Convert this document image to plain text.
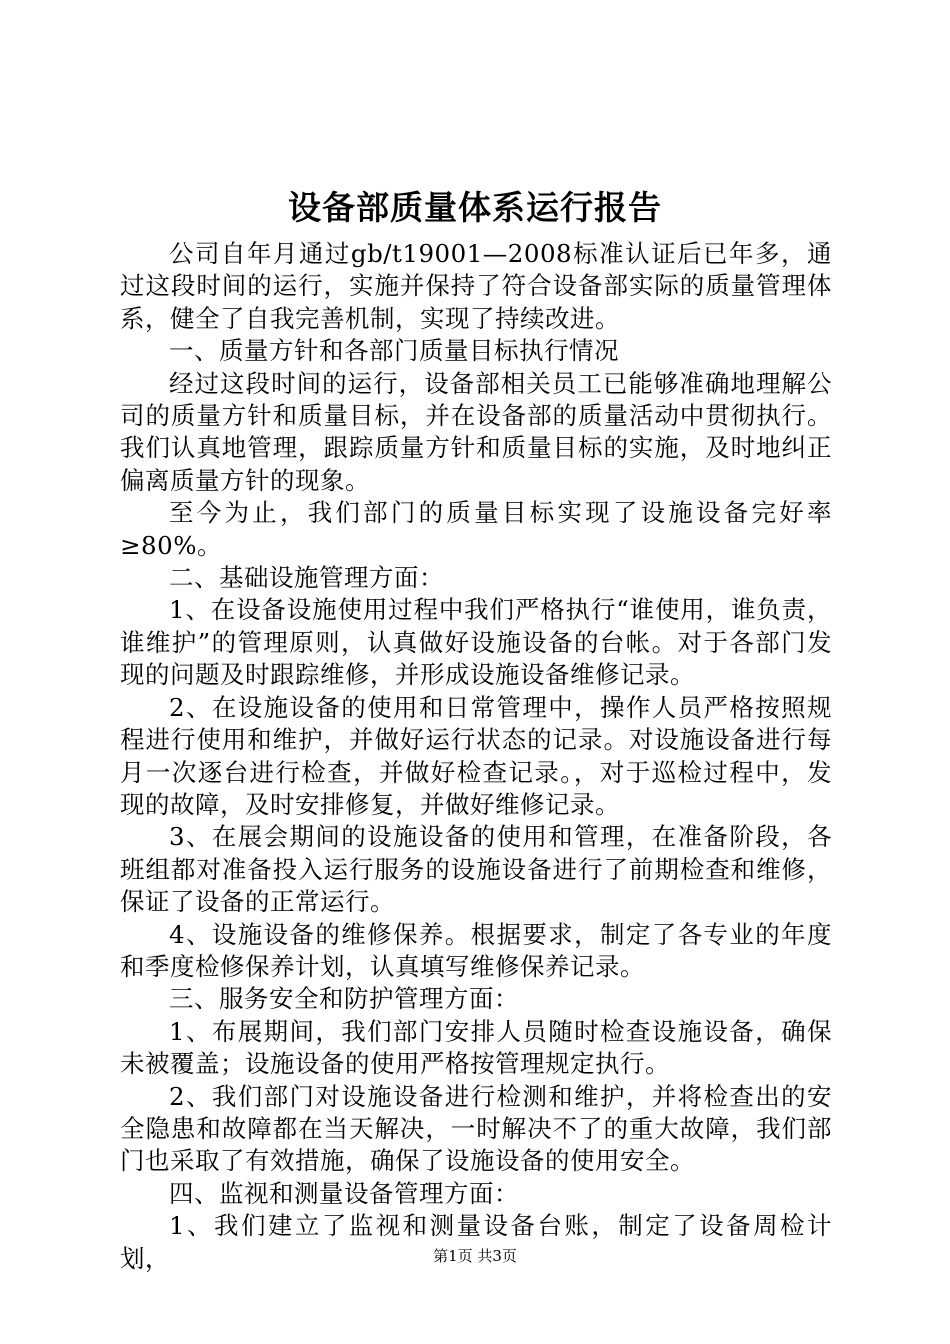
设备部质量体系运行报告

公司自年月通过gb/t19001—2008标准认证后已年多，通过这段时间的运行，实施并保持了符合设备部实际的质量管理体系，健全了自我完善机制，实现了持续改进。

一、质量方针和各部门质量目标执行情况

经过这段时间的运行，设备部相关员工已能够准确地理解公司的质量方针和质量目标，并在设备部的质量活动中贯彻执行。我们认真地管理，跟踪质量方针和质量目标的实施，及时地纠正偏离质量方针的现象。

至今为止，我们部门的质量目标实现了设施设备完好率≥80%。

二、基础设施管理方面：

1、在设备设施使用过程中我们严格执行“谁使用，谁负责，谁维护”的管理原则，认真做好设施设备的台帐。对于各部门发现的问题及时跟踪维修，并形成设施设备维修记录。

2、在设施设备的使用和日常管理中，操作人员严格按照规程进行使用和维护，并做好运行状态的记录。对设施设备进行每月一次逐台进行检查，并做好检查记录。，对于巡检过程中，发现的故障，及时安排修复，并做好维修记录。

3、在展会期间的设施设备的使用和管理，在准备阶段，各班组都对准备投入运行服务的设施设备进行了前期检查和维修，保证了设备的正常运行。

4、设施设备的维修保养。根据要求，制定了各专业的年度和季度检修保养计划，认真填写维修保养记录。

三、服务安全和防护管理方面：

1、布展期间，我们部门安排人员随时检查设施设备，确保未被覆盖；设施设备的使用严格按管理规定执行。

2、我们部门对设施设备进行检测和维护，并将检查出的安全隐患和故障都在当天解决，一时解决不了的重大故障，我们部门也采取了有效措施，确保了设施设备的使用安全。

四、监视和测量设备管理方面：

1、我们建立了监视和测量设备台账，制定了设备周检计划，	第1页 共3页
